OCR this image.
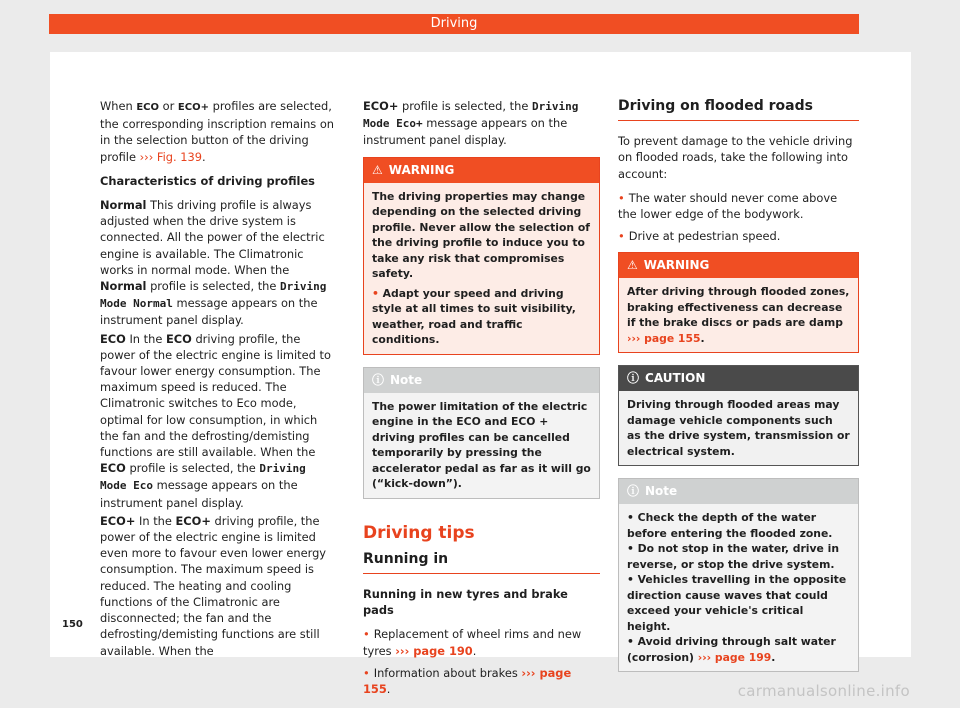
Driving

When ECO or ECO+ profiles are selected, the corresponding inscription remains on in the selection button of the driving profile ››› Fig. 139.

Characteristics of driving profiles

Normal This driving profile is always adjusted when the drive system is connected. All the power of the electric engine is available. The Climatronic works in normal mode. When the Normal profile is selected, the Driving Mode Normal message appears on the instrument panel display.

ECO In the ECO driving profile, the power of the electric engine is limited to favour lower energy consumption. The maximum speed is reduced. The Climatronic switches to Eco mode, optimal for low consumption, in which the fan and the defrosting/demisting functions are still available. When the ECO profile is selected, the Driving Mode Eco message appears on the instrument panel display.

ECO+ In the ECO+ driving profile, the power of the electric engine is limited even more to favour even lower energy consumption. The maximum speed is reduced. The heating and cooling functions of the Climatronic are disconnected; the fan and the defrosting/demisting functions are still available. When the

ECO+ profile is selected, the Driving Mode Eco+ message appears on the instrument panel display.

⚠ WARNING
The driving properties may change depending on the selected driving profile. Never allow the selection of the driving profile to induce you to take any risk that compromises safety.
• Adapt your speed and driving style at all times to suit visibility, weather, road and traffic conditions.
ⓘ Note
The power limitation of the electric engine in the ECO and ECO + driving profiles can be cancelled temporarily by pressing the accelerator pedal as far as it will go (“kick-down”).
Driving tips
Running in

Running in new tyres and brake pads

• Replacement of wheel rims and new tyres ››› page 190.

• Information about brakes ››› page 155.

Driving on flooded roads

To prevent damage to the vehicle driving on flooded roads, take the following into account:

• The water should never come above the lower edge of the bodywork.

• Drive at pedestrian speed.

⚠ WARNING
After driving through flooded zones, braking effectiveness can decrease if the brake discs or pads are damp ››› page 155.
ⓘ CAUTION
Driving through flooded areas may damage vehicle components such as the drive system, transmission or electrical system.
ⓘ Note
• Check the depth of the water before entering the flooded zone.
• Do not stop in the water, drive in reverse, or stop the drive system.
• Vehicles travelling in the opposite direction cause waves that could exceed your vehicle's critical height.
• Avoid driving through salt water (corrosion) ››› page 199.
150
carmanualsonline.info
